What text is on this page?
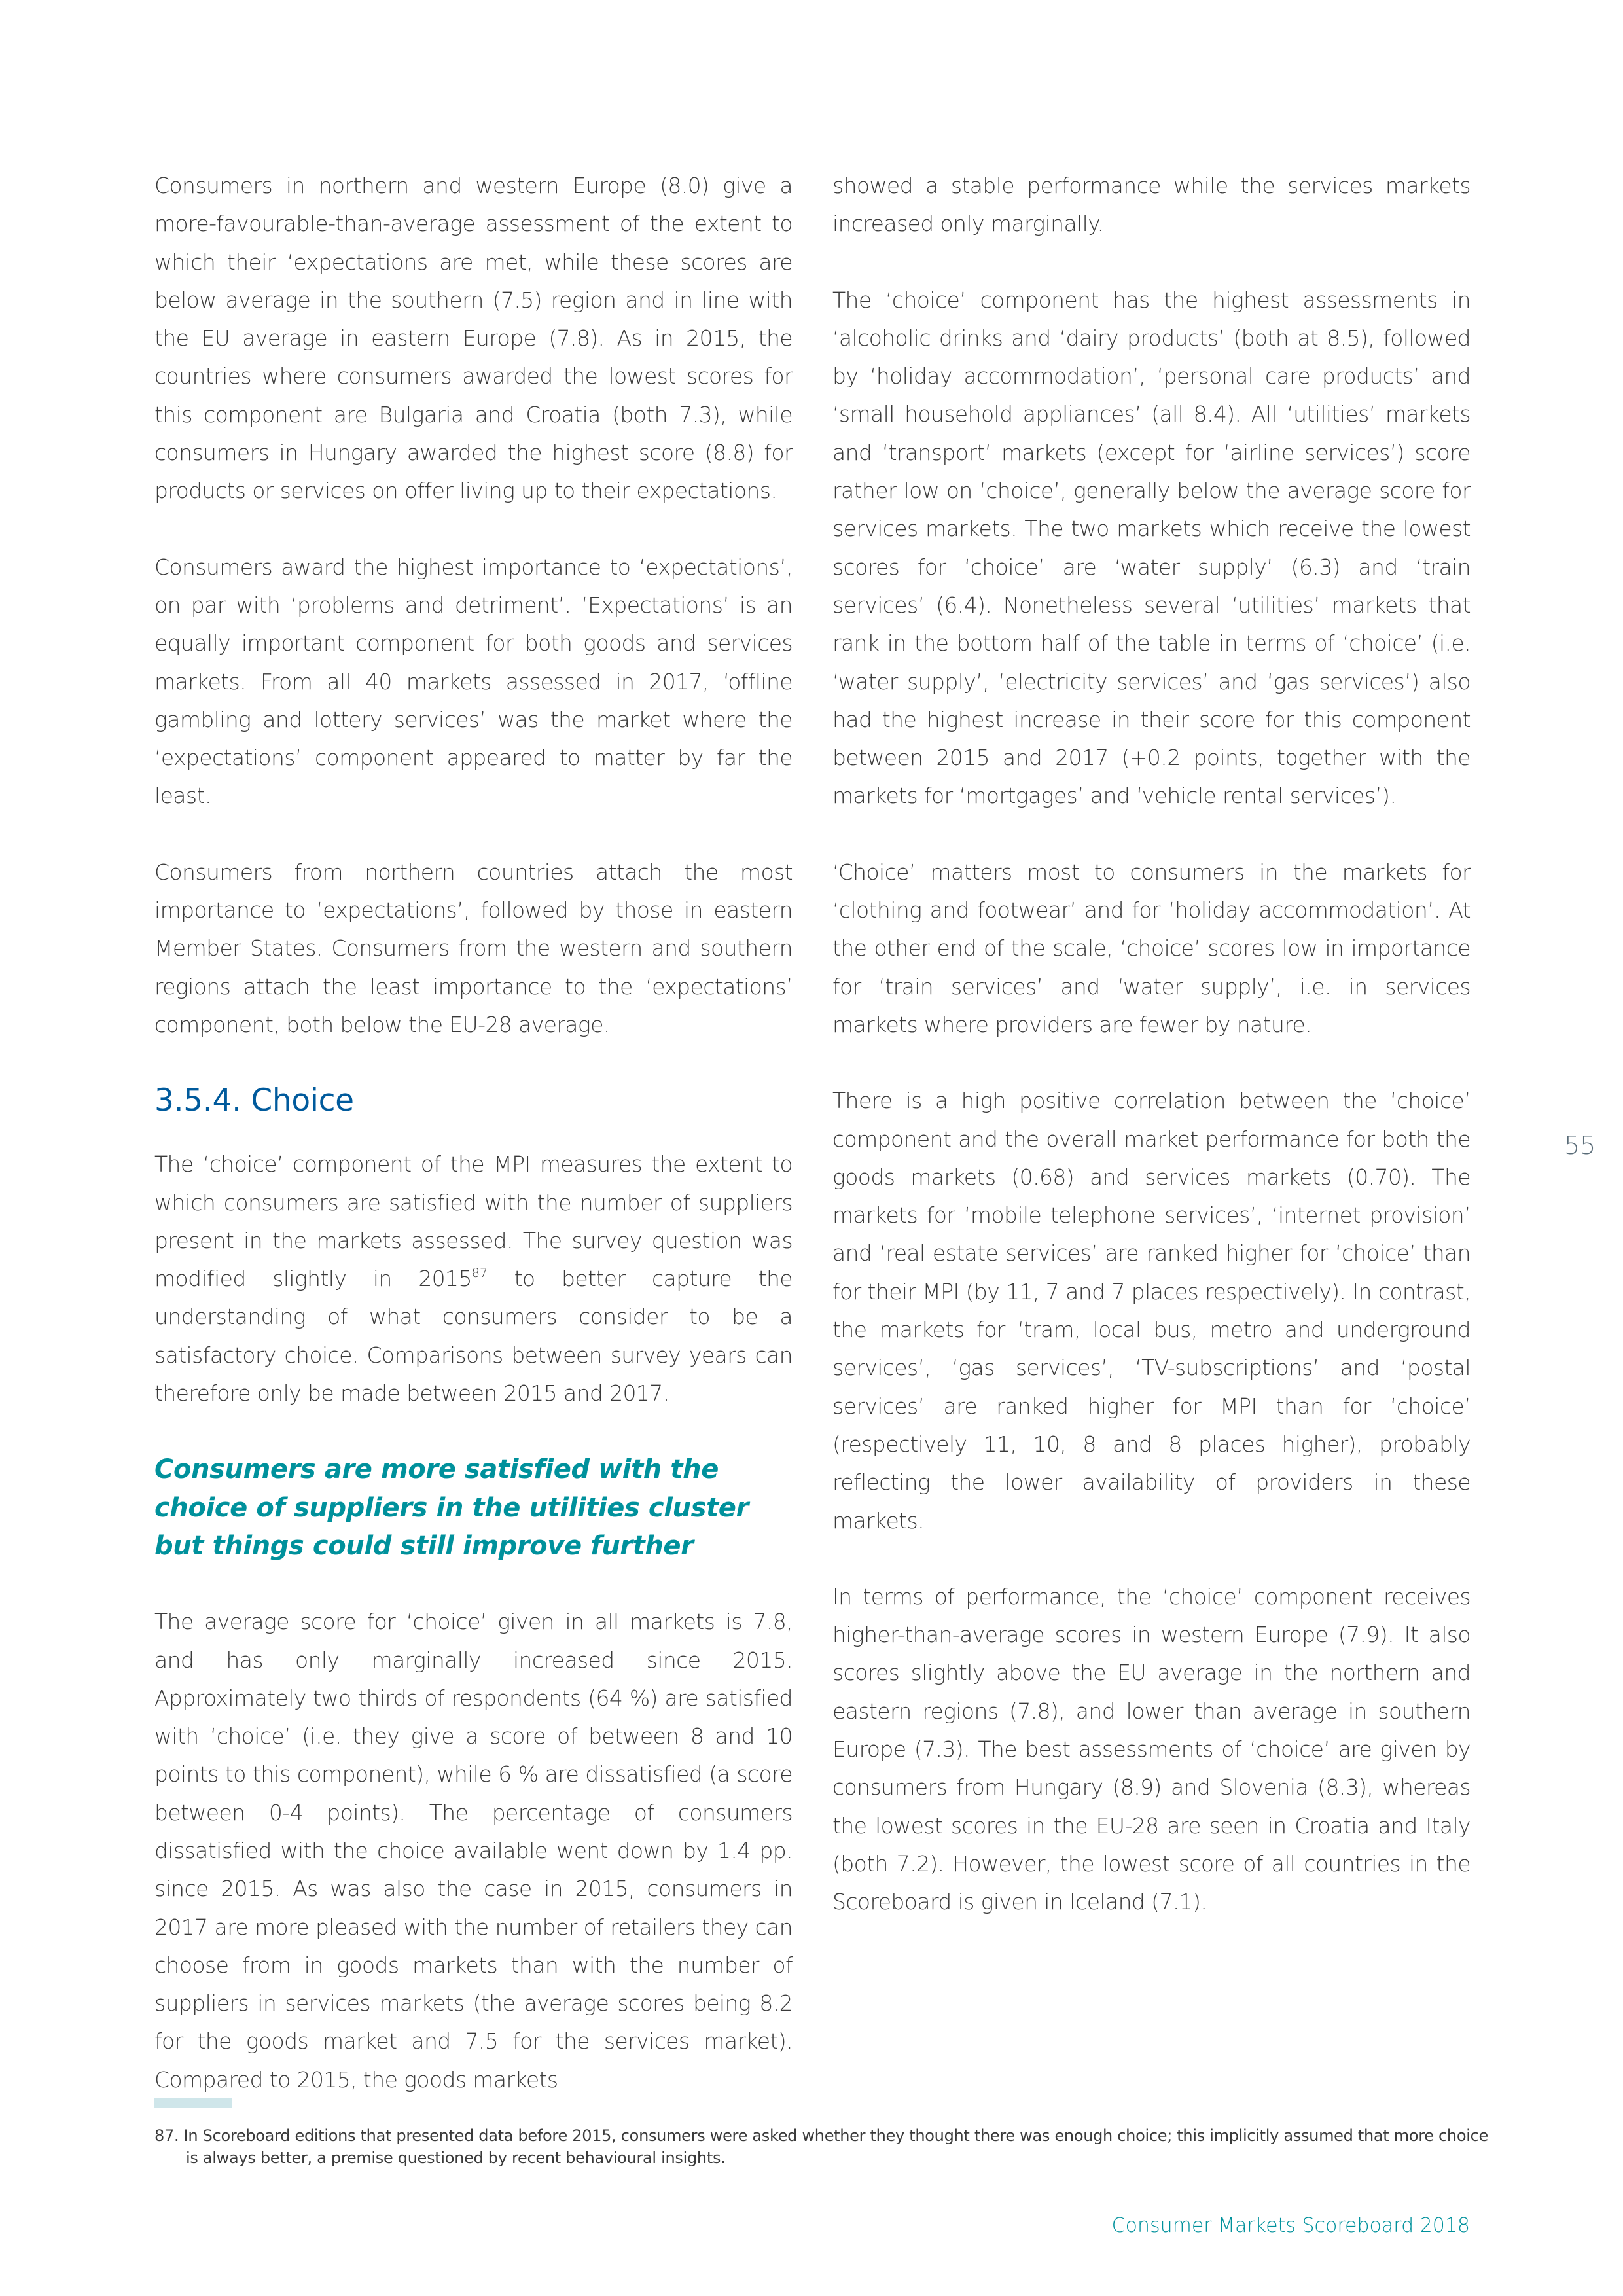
Consumers in northern and western Europe (8.0) give a more-favourable-than-average assessment of the extent to which their ‘expectations are met, while these scores are below average in the southern (7.5) region and in line with the EU average in eastern Europe (7.8). As in 2015, the countries where consumers awarded the lowest scores for this component are Bulgaria and Croatia (both 7.3), while consumers in Hungary awarded the highest score (8.8) for products or services on offer living up to their expectations.

Consumers award the highest importance to ‘expectations’, on par with ‘problems and detriment’. ‘Expectations’ is an equally important component for both goods and services markets. From all 40 markets assessed in 2017, ‘offline gambling and lottery services’ was the market where the ‘expectations’ component appeared to matter by far the least.

Consumers from northern countries attach the most importance to ‘expectations’, followed by those in eastern Member States. Consumers from the western and southern regions attach the least importance to the ‘expectations’ component, both below the EU-28 average.

3.5.4. Choice

The ‘choice’ component of the MPI measures the extent to which consumers are satisfied with the number of suppliers present in the markets assessed. The survey question was modified slightly in 2015$^{87}$ to better capture the understanding of what consumers consider to be a satisfactory choice. Comparisons between survey years can therefore only be made between 2015 and 2017.

Consumers are more satisfied with the choice of suppliers in the utilities cluster but things could still improve further

The average score for ‘choice’ given in all markets is 7.8, and has only marginally increased since 2015. Approximately two thirds of respondents (64 %) are satisfied with ‘choice’ (i.e. they give a score of between 8 and 10 points to this component), while 6 % are dissatisfied (a score between 0-4 points). The percentage of consumers dissatisfied with the choice available went down by 1.4 pp. since 2015. As was also the case in 2015, consumers in 2017 are more pleased with the number of retailers they can choose from in goods markets than with the number of suppliers in services markets (the average scores being 8.2 for the goods market and 7.5 for the services market). Compared to 2015, the goods markets

showed a stable performance while the services markets increased only marginally.

The ‘choice’ component has the highest assessments in ‘alcoholic drinks and ‘dairy products’ (both at 8.5), followed by ‘holiday accommodation’, ‘personal care products’ and ‘small household appliances’ (all 8.4). All ‘utilities’ markets and ‘transport’ markets (except for ‘airline services’) score rather low on ‘choice’, generally below the average score for services markets. The two markets which receive the lowest scores for ‘choice’ are ‘water supply’ (6.3) and ‘train services’ (6.4). Nonetheless several ‘utilities’ markets that rank in the bottom half of the table in terms of ‘choice’ (i.e. ‘water supply’, ‘electricity services’ and ‘gas services’) also had the highest increase in their score for this component between 2015 and 2017 (+0.2 points, together with the markets for ‘mortgages’ and ‘vehicle rental services’).

‘Choice’ matters most to consumers in the markets for ‘clothing and footwear’ and for ‘holiday accommodation’. At the other end of the scale, ‘choice’ scores low in importance for ‘train services’ and ‘water supply’, i.e. in services markets where providers are fewer by nature.

There is a high positive correlation between the ‘choice’ component and the overall market performance for both the goods markets (0.68) and services markets (0.70). The markets for ‘mobile telephone services’, ‘internet provision’ and ‘real estate services’ are ranked higher for ‘choice’ than for their MPI (by 11, 7 and 7 places respectively). In contrast, the markets for ‘tram, local bus, metro and underground services’, ‘gas services’, ‘TV-subscriptions’ and ‘postal services’ are ranked higher for MPI than for ‘choice’ (respectively 11, 10, 8 and 8 places higher), probably reflecting the lower availability of providers in these markets.

In terms of performance, the ‘choice’ component receives higher-than-average scores in western Europe (7.9). It also scores slightly above the EU average in the northern and eastern regions (7.8), and lower than average in southern Europe (7.3). The best assessments of ‘choice’ are given by consumers from Hungary (8.9) and Slovenia (8.3), whereas the lowest scores in the EU-28 are seen in Croatia and Italy (both 7.2). However, the lowest score of all countries in the Scoreboard is given in Iceland (7.1).

55
87. In Scoreboard editions that presented data before 2015, consumers were asked whether they thought there was enough choice; this implicitly assumed that more choice is always better, a premise questioned by recent behavioural insights.
Consumer Markets Scoreboard 2018
